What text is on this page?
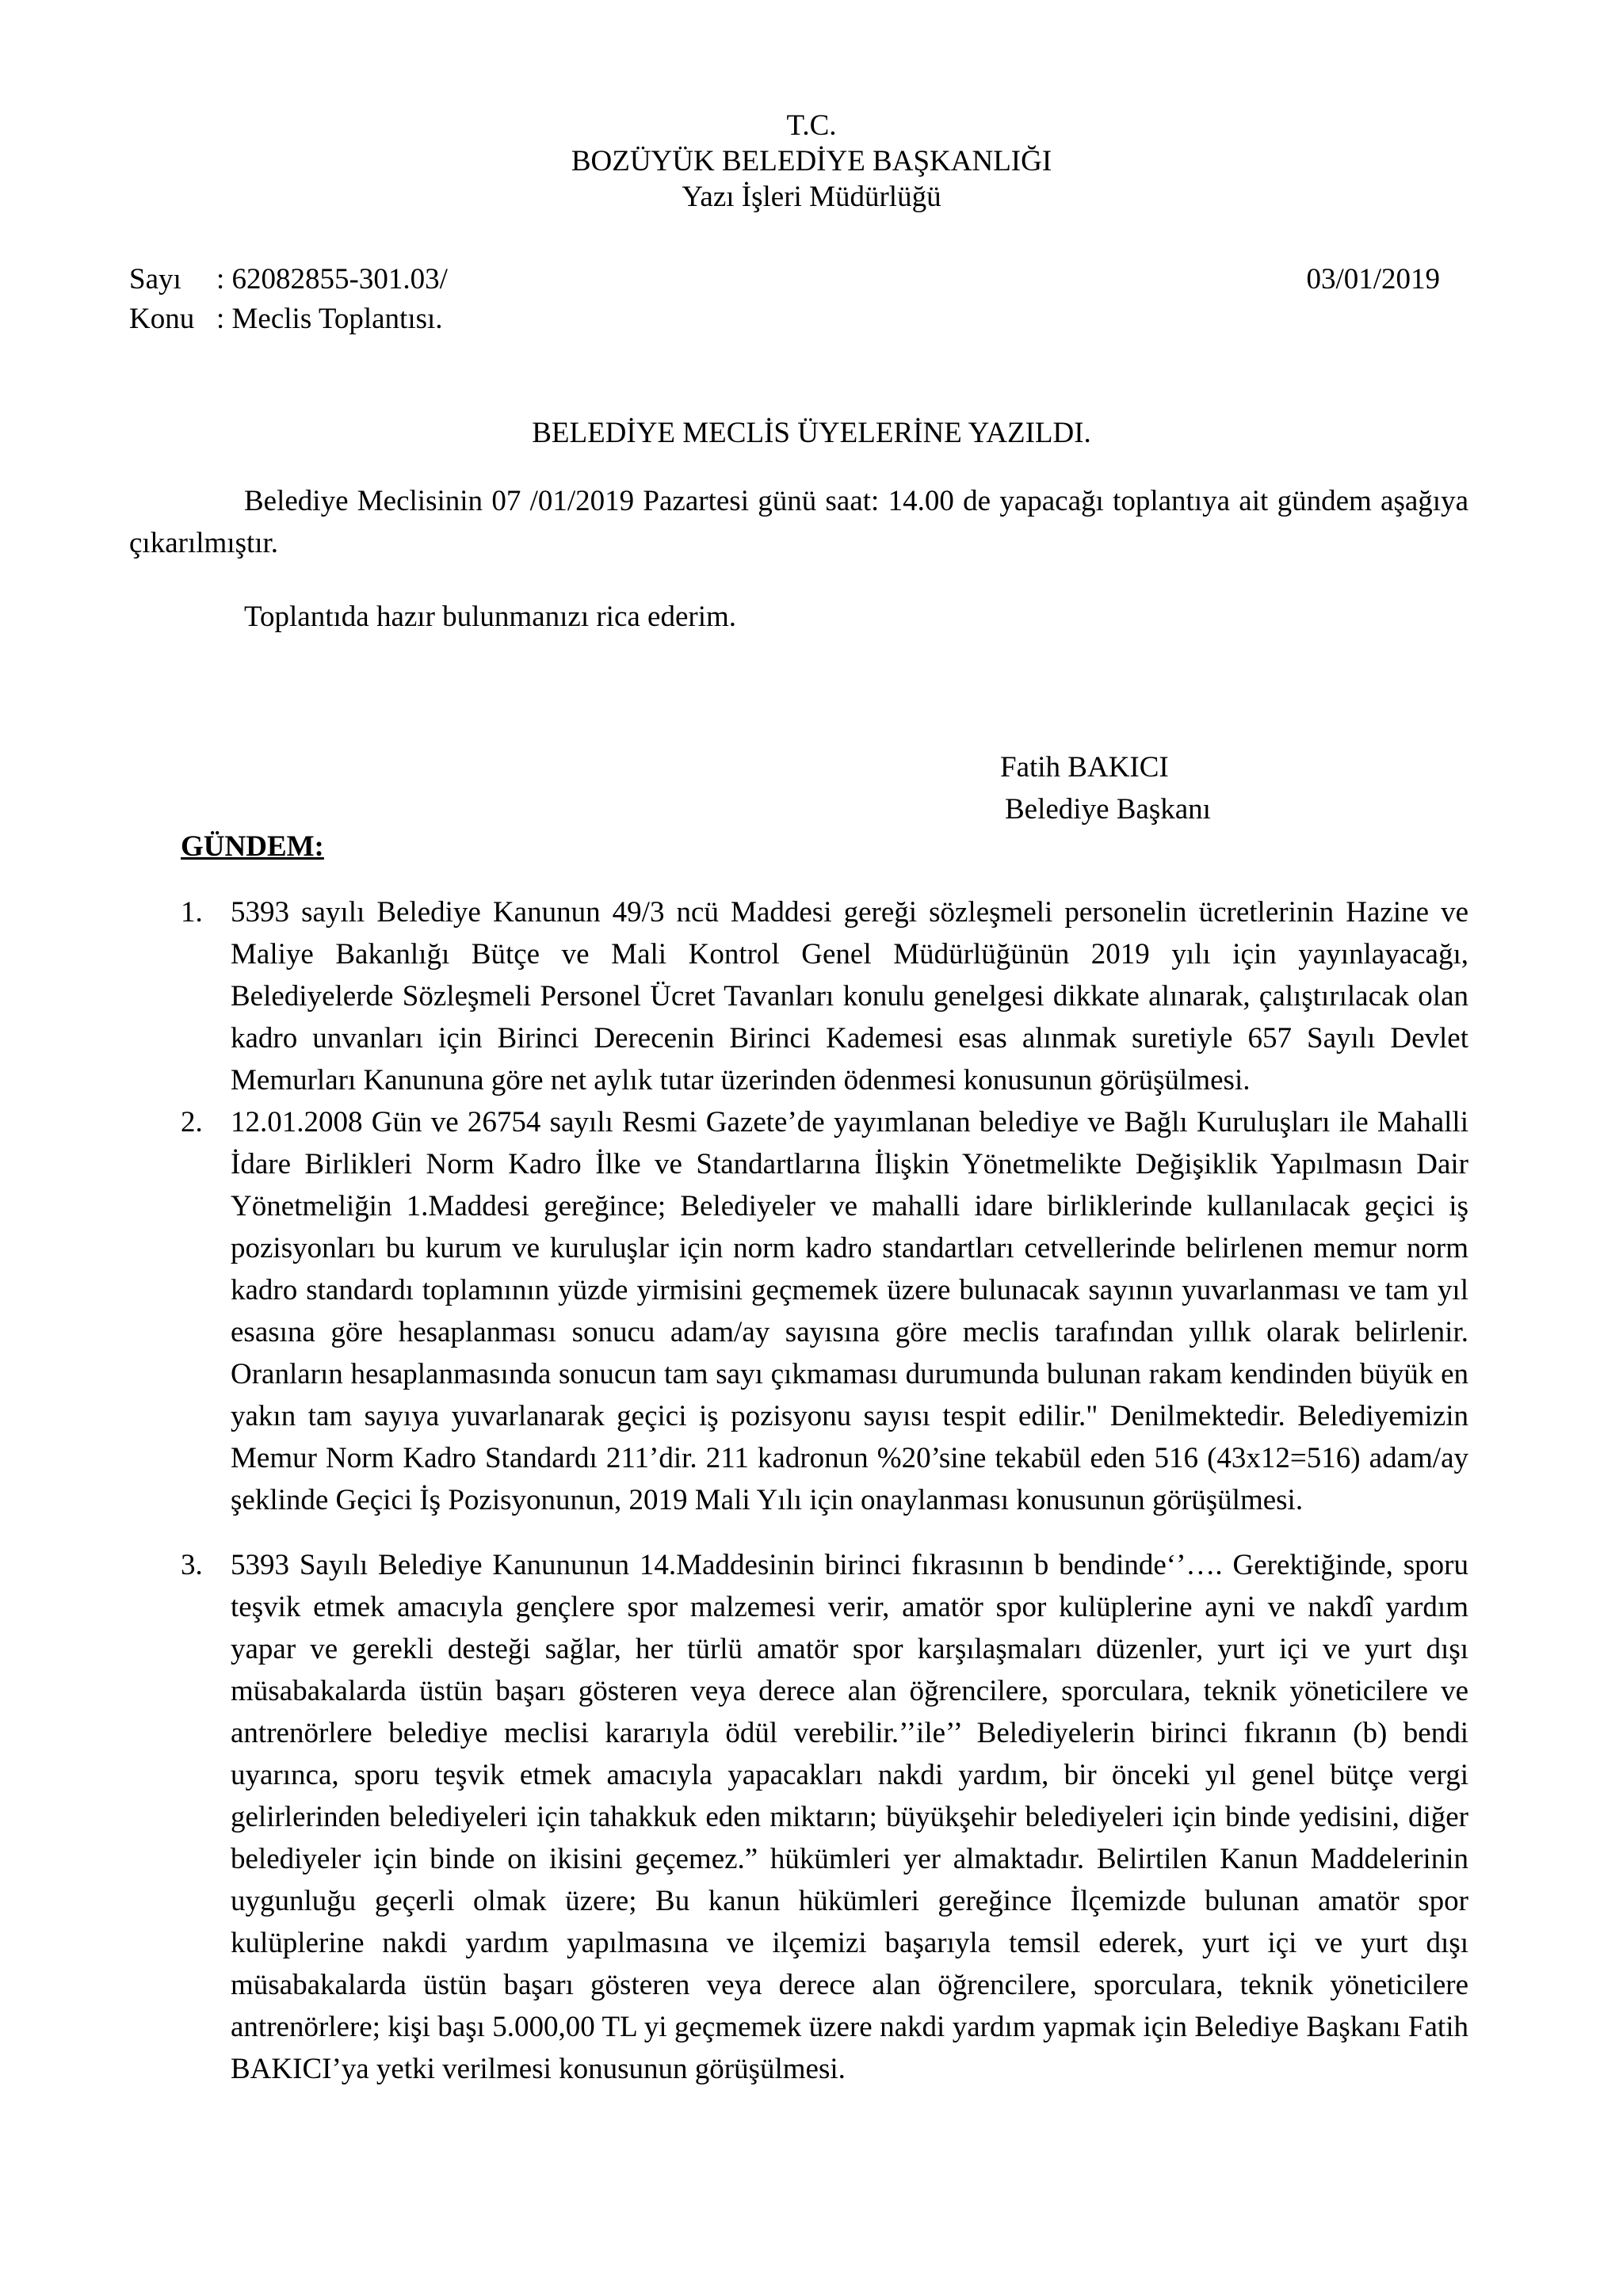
T.C.
BOZÜYÜK BELEDİYE BAŞKANLIĞI
Yazı İşleri Müdürlüğü
Sayı : 62082855-301.03/	03/01/2019
Konu : Meclis Toplantısı.
BELEDİYE MECLİS ÜYELERİNE YAZILDI.
Belediye Meclisinin 07 /01/2019 Pazartesi günü saat: 14.00 de yapacağı toplantıya ait gündem aşağıya çıkarılmıştır.
Toplantıda hazır bulunmanızı rica ederim.
Fatih BAKICI
Belediye Başkanı
GÜNDEM:
1. 5393 sayılı Belediye Kanunun 49/3 ncü Maddesi gereği sözleşmeli personelin ücretlerinin Hazine ve Maliye Bakanlığı Bütçe ve Mali Kontrol Genel Müdürlüğünün 2019 yılı için yayınlayacağı, Belediyelerde Sözleşmeli Personel Ücret Tavanları konulu genelgesi dikkate alınarak, çalıştırılacak olan kadro unvanları için Birinci Derecenin Birinci Kademesi esas alınmak suretiyle 657 Sayılı Devlet Memurları Kanununa göre net aylık tutar üzerinden ödenmesi konusunun görüşülmesi.
2. 12.01.2008 Gün ve 26754 sayılı Resmi Gazete’de yayımlanan belediye ve Bağlı Kuruluşları ile Mahalli İdare Birlikleri Norm Kadro İlke ve Standartlarına İlişkin Yönetmelikte Değişiklik Yapılmasın Dair Yönetmeliğin 1.Maddesi gereğince; Belediyeler ve mahalli idare birliklerinde kullanılacak geçici iş pozisyonları bu kurum ve kuruluşlar için norm kadro standartları cetvellerinde belirlenen memur norm kadro standardı toplamının yüzde yirmisini geçmemek üzere bulunacak sayının yuvarlanması ve tam yıl esasına göre hesaplanması sonucu adam/ay sayısına göre meclis tarafından yıllık olarak belirlenir. Oranların hesaplanmasında sonucun tam sayı çıkmaması durumunda bulunan rakam kendinden büyük en yakın tam sayıya yuvarlanarak geçici iş pozisyonu sayısı tespit edilir." Denilmektedir. Belediyemizin Memur Norm Kadro Standardı 211’dir. 211 kadronun %20’sine tekabül eden 516 (43x12=516) adam/ay şeklinde Geçici İş Pozisyonunun, 2019 Mali Yılı için onaylanması konusunun görüşülmesi.
3. 5393 Sayılı Belediye Kanununun 14.Maddesinin birinci fıkrasının b bendinde‘’…. Gerektiğinde, sporu teşvik etmek amacıyla gençlere spor malzemesi verir, amatör spor kulüplerine ayni ve nakdî yardım yapar ve gerekli desteği sağlar, her türlü amatör spor karşılaşmaları düzenler, yurt içi ve yurt dışı müsabakalarda üstün başarı gösteren veya derece alan öğrencilere, sporculara, teknik yöneticilere ve antrenörlere belediye meclisi kararıyla ödül verebilir.’’ile’’ Belediyelerin birinci fıkranın (b) bendi uyarınca, sporu teşvik etmek amacıyla yapacakları nakdi yardım, bir önceki yıl genel bütçe vergi gelirlerinden belediyeleri için tahakkuk eden miktarın; büyükşehir belediyeleri için binde yedisini, diğer belediyeler için binde on ikisini geçemez.” hükümleri yer almaktadır. Belirtilen Kanun Maddelerinin uygunluğu geçerli olmak üzere; Bu kanun hükümleri gereğince İlçemizde bulunan amatör spor kulüplerine nakdi yardım yapılmasına ve ilçemizi başarıyla temsil ederek, yurt içi ve yurt dışı müsabakalarda üstün başarı gösteren veya derece alan öğrencilere, sporculara, teknik yöneticilere antrenörlere; kişi başı 5.000,00 TL yi geçmemek üzere nakdi yardım yapmak için Belediye Başkanı Fatih BAKICI’ya yetki verilmesi konusunun görüşülmesi.
